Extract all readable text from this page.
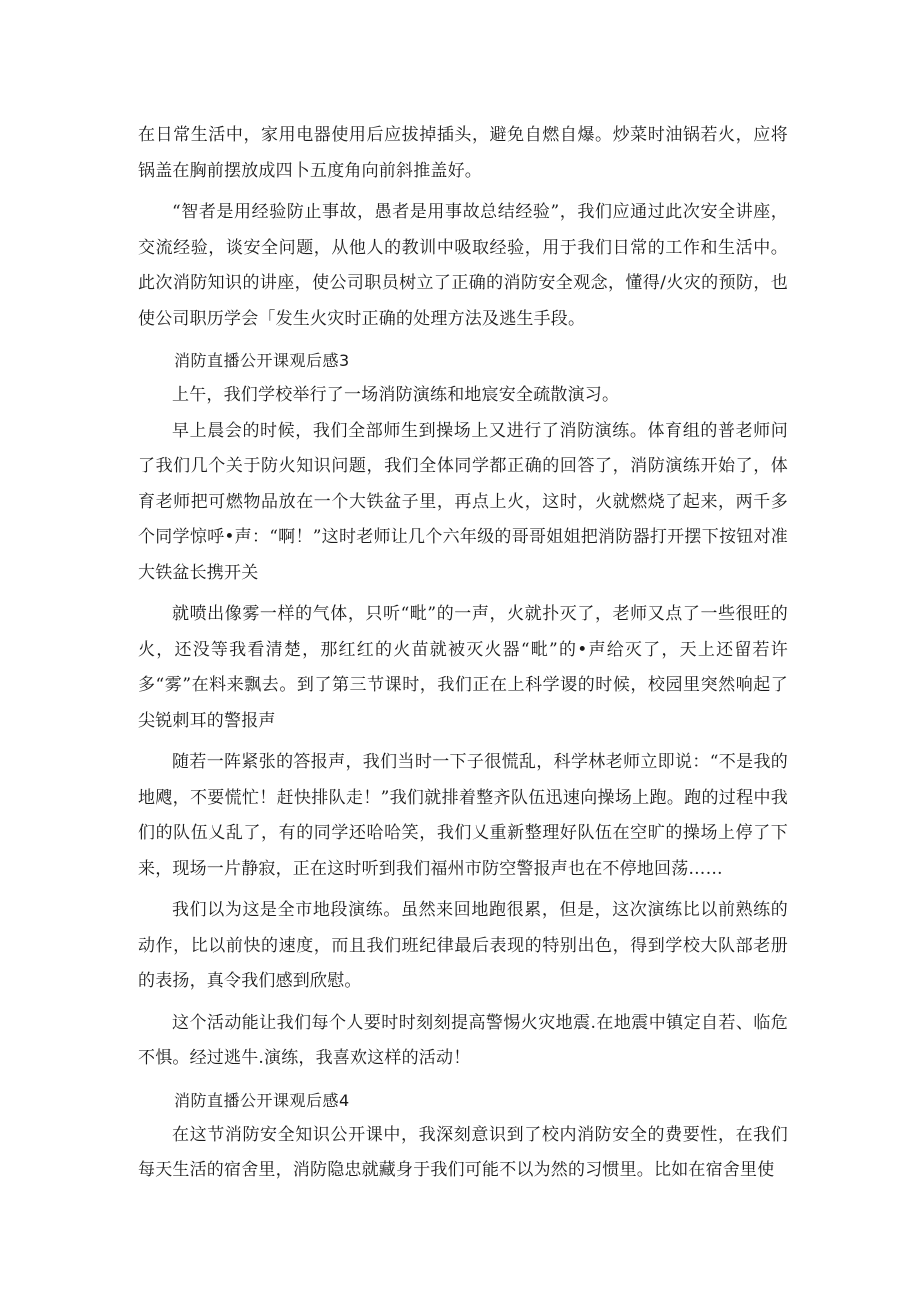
在日常生活中，家用电器使用后应拔掉插头，避免自燃自爆。炒菜时油锅若火，应将锅盖在胸前摆放成四卜五度角向前斜推盖好。

“智者是用经验防止事故，愚者是用事故总结经验”，我们应通过此次安全讲座，交流经验，谈安全问题，从他人的教训中吸取经验，用于我们日常的工作和生活中。此次消防知识的讲座，使公司职员树立了正确的消防安全观念，懂得/火灾的预防，也使公司职历学会「发生火灾时正确的处理方法及逃生手段。

消防直播公开课观后感3

上午，我们学校举行了一场消防演练和地宸安全疏散演习。

早上晨会的时候，我们全部师生到操场上又进行了消防演练。体育组的普老师问了我们几个关于防火知识问题，我们全体同学都正确的回答了，消防演练开始了，体育老师把可燃物品放在一个大铁盆子里，再点上火，这时，火就燃烧了起来，两千多个同学惊呼•声：“啊！”这时老师让几个六年级的哥哥姐姐把消防器打开摆下按钮对准大铁盆长携开关

就喷出像雾一样的气体，只听“毗”的一声，火就扑灭了，老师又点了一些很旺的火，还没等我看清楚，那红红的火苗就被灭火器“毗”的•声给灭了，天上还留若许多“雾”在料来飘去。到了第三节课时，我们正在上科学谡的时候，校园里突然响起了尖锐刺耳的警报声

随若一阵紧张的答报声，我们当时一下子很慌乱，科学林老师立即说：“不是我的地飕，不要慌忙！赶快排队走！”我们就排着整齐队伍迅速向操场上跑。跑的过程中我们的队伍乂乱了，有的同学还哈哈笑，我们乂重新整理好队伍在空旷的操场上停了下来，现场一片静寂，正在这时听到我们福州市防空警报声也在不停地回荡……

我们以为这是全市地段演练。虽然来回地跑很累，但是，这次演练比以前熟练的动作，比以前快的速度，而且我们班纪律最后表现的特别出色，得到学校大队部老册的表扬，真令我们感到欣慰。

这个活动能让我们每个人要时时刻刻提高警惕火灾地震.在地震中镇定自若、临危不惧。经过逃牛.演练，我喜欢这样的活动！

消防直播公开课观后感4

在这节消防安全知识公开课中，我深刻意识到了校内消防安全的费要性，在我们每天生活的宿舍里，消防隐忠就藏身于我们可能不以为然的习惯里。比如在宿舍里使
